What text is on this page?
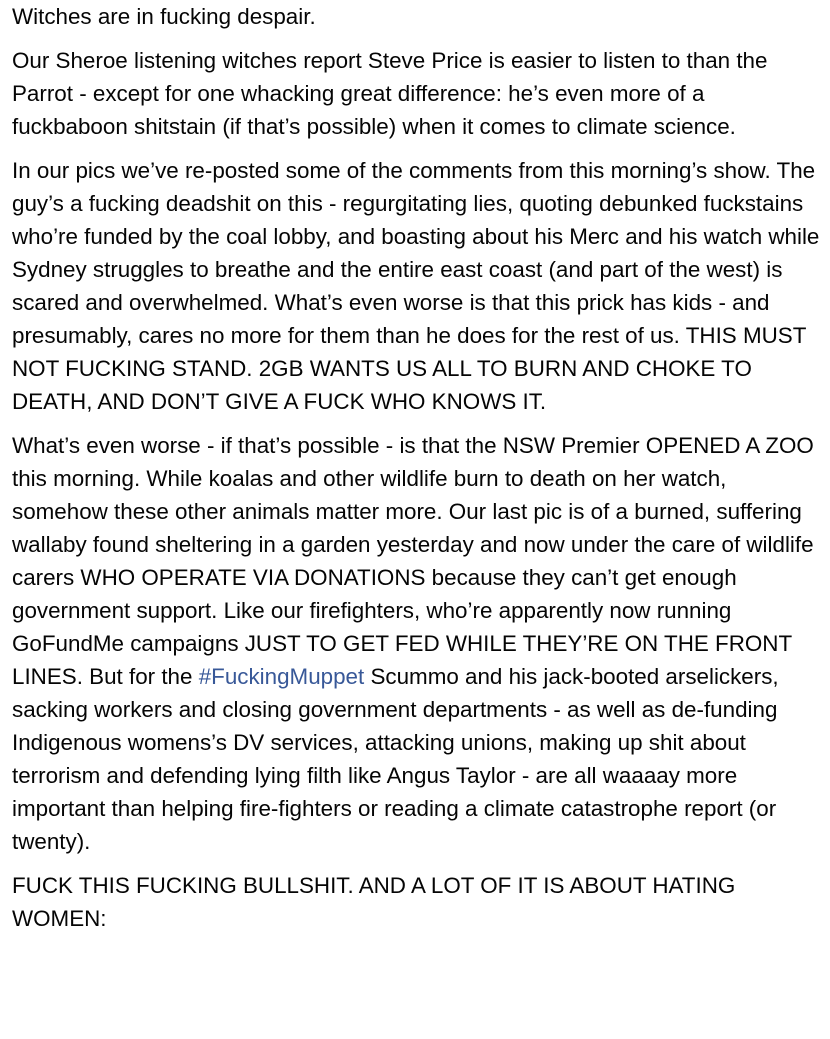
Witches are in fucking despair.

Our Sheroe listening witches report Steve Price is easier to listen to than the Parrot - except for one whacking great difference: he’s even more of a fuckbaboon shitstain (if that’s possible) when it comes to climate science.

In our pics we’ve re-posted some of the comments from this morning’s show. The guy’s a fucking deadshit on this - regurgitating lies, quoting debunked fuckstains who’re funded by the coal lobby, and boasting about his Merc and his watch while Sydney struggles to breathe and the entire east coast (and part of the west) is scared and overwhelmed. What’s even worse is that this prick has kids - and presumably, cares no more for them than he does for the rest of us. THIS MUST NOT FUCKING STAND. 2GB WANTS US ALL TO BURN AND CHOKE TO DEATH, AND DON’T GIVE A FUCK WHO KNOWS IT.

What’s even worse - if that’s possible - is that the NSW Premier OPENED A ZOO this morning. While koalas and other wildlife burn to death on her watch, somehow these other animals matter more. Our last pic is of a burned, suffering wallaby found sheltering in a garden yesterday and now under the care of wildlife carers WHO OPERATE VIA DONATIONS because they can’t get enough government support. Like our firefighters, who’re apparently now running GoFundMe campaigns JUST TO GET FED WHILE THEY’RE ON THE FRONT LINES. But for the #FuckingMuppet Scummo and his jack-booted arselickers, sacking workers and closing government departments - as well as de-funding Indigenous womens’s DV services, attacking unions, making up shit about terrorism and defending lying filth like Angus Taylor - are all waaaay more important than helping fire-fighters or reading a climate catastrophe report (or twenty).

FUCK THIS FUCKING BULLSHIT. AND A LOT OF IT IS ABOUT HATING WOMEN:
